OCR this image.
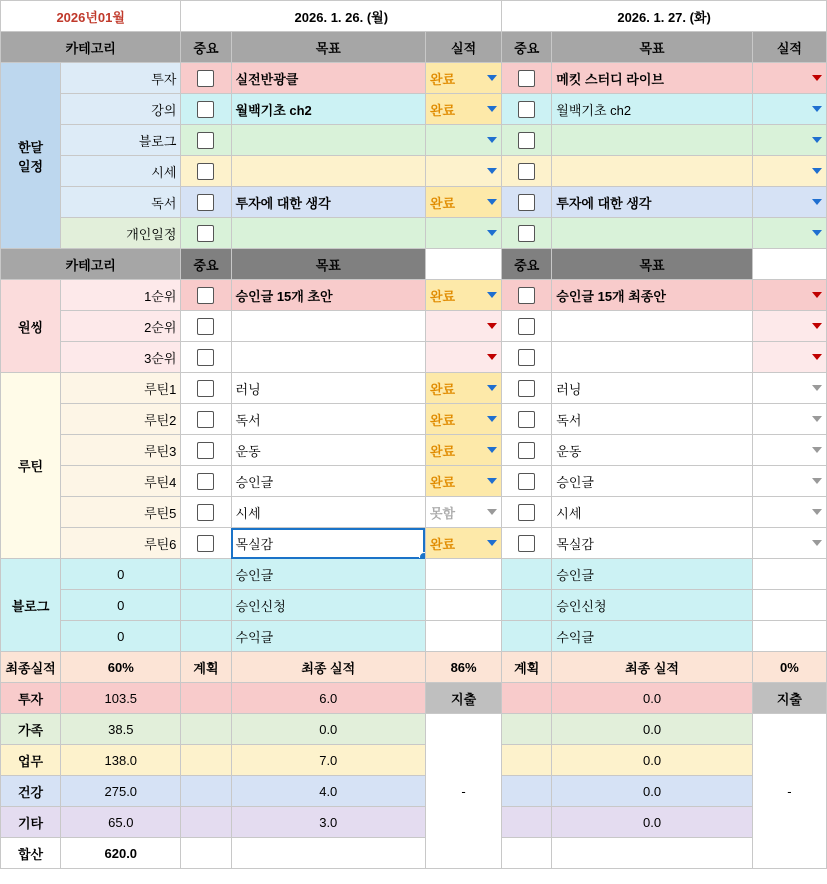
2026년01월		2026. 1. 26. (월)			2026. 1. 27. (화)		
카테고리		중요	목표	실적	중요	목표	실적

한달
일정	투자		실전반광클	완료		메킷 스터디 라이브	

	강의		월백기초 ch2	완료		월백기초 ch2	

	블로그			

	시세			

	독서		투자에 대한 생각	완료		투자에 대한 생각	

	개인일정			

카테고리		중요	목표		중요	목표	
원씽	1순위		승인글 15개 초안	완료		승인글 15개 최종안	

	2순위			

	3순위			

루틴	루틴1		러닝	완료		러닝	

	루틴2		독서	완료		독서	

	루틴3		운동	완료		운동	

	루틴4		승인글	완료		승인글	

	루틴5		시세	못함		시세	

	루틴6		목실감	완료		목실감	

블로그	0		승인글			승인글	
	0		승인신청			승인신청	
	0		수익글			수익글	
최종실적	60%	계획	최종 실적	86%	계획	최종 실적	0%
투자	103.5		6.0	지출		0.0	지출
가족	38.5		0.0	-		0.0	-
업무	138.0		7.0			0.0	
건강	275.0		4.0			0.0	
기타	65.0		3.0			0.0	
합산	620.0						
